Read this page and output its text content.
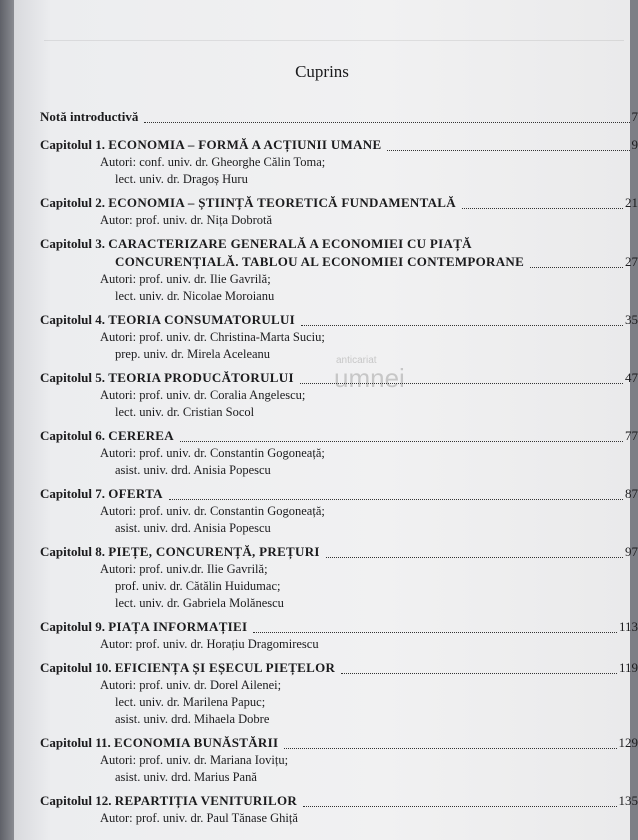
Cuprins
anticariat
umnei
Notă introductivă	7
Capitolul 1. ECONOMIA – FORMĂ A ACȚIUNII UMANE	9
Autori: conf. univ. dr. Gheorghe Călin Toma;
lect. univ. dr. Dragoș Huru
Capitolul 2. ECONOMIA – ȘTIINȚĂ TEORETICĂ FUNDAMENTALĂ	21
Autor: prof. univ. dr. Nița Dobrotă
Capitolul 3. CARACTERIZARE GENERALĂ A ECONOMIEI CU PIAȚĂ
CONCURENȚIALĂ. TABLOU AL ECONOMIEI CONTEMPORANE	27
Autori: prof. univ. dr. Ilie Gavrilă;
lect. univ. dr. Nicolae Moroianu
Capitolul 4. TEORIA CONSUMATORULUI	35
Autori: prof. univ. dr. Christina-Marta Suciu;
prep. univ. dr. Mirela Aceleanu
Capitolul 5. TEORIA PRODUCĂTORULUI	47
Autori: prof. univ. dr. Coralia Angelescu;
lect. univ. dr. Cristian Socol
Capitolul 6. CEREREA	77
Autori: prof. univ. dr. Constantin Gogoneață;
asist. univ. drd. Anisia Popescu
Capitolul 7. OFERTA	87
Autori: prof. univ. dr. Constantin Gogoneață;
asist. univ. drd. Anisia Popescu
Capitolul 8. PIEȚE, CONCURENȚĂ, PREȚURI	97
Autori: prof. univ.dr. Ilie Gavrilă;
prof. univ. dr. Cătălin Huidumac;
lect. univ. dr. Gabriela Molănescu
Capitolul 9. PIAȚA INFORMAȚIEI	113
Autor: prof. univ. dr. Horațiu Dragomirescu
Capitolul 10. EFICIENȚA ȘI EȘECUL PIEȚELOR	119
Autori: prof. univ. dr. Dorel Ailenei;
lect. univ. dr. Marilena Papuc;
asist. univ. drd. Mihaela Dobre
Capitolul 11. ECONOMIA BUNĂSTĂRII	129
Autori: prof. univ. dr. Mariana Iovițu;
asist. univ. drd. Marius Pană
Capitolul 12. REPARTIȚIA VENITURILOR	135
Autor: prof. univ. dr. Paul Tănase Ghiță
